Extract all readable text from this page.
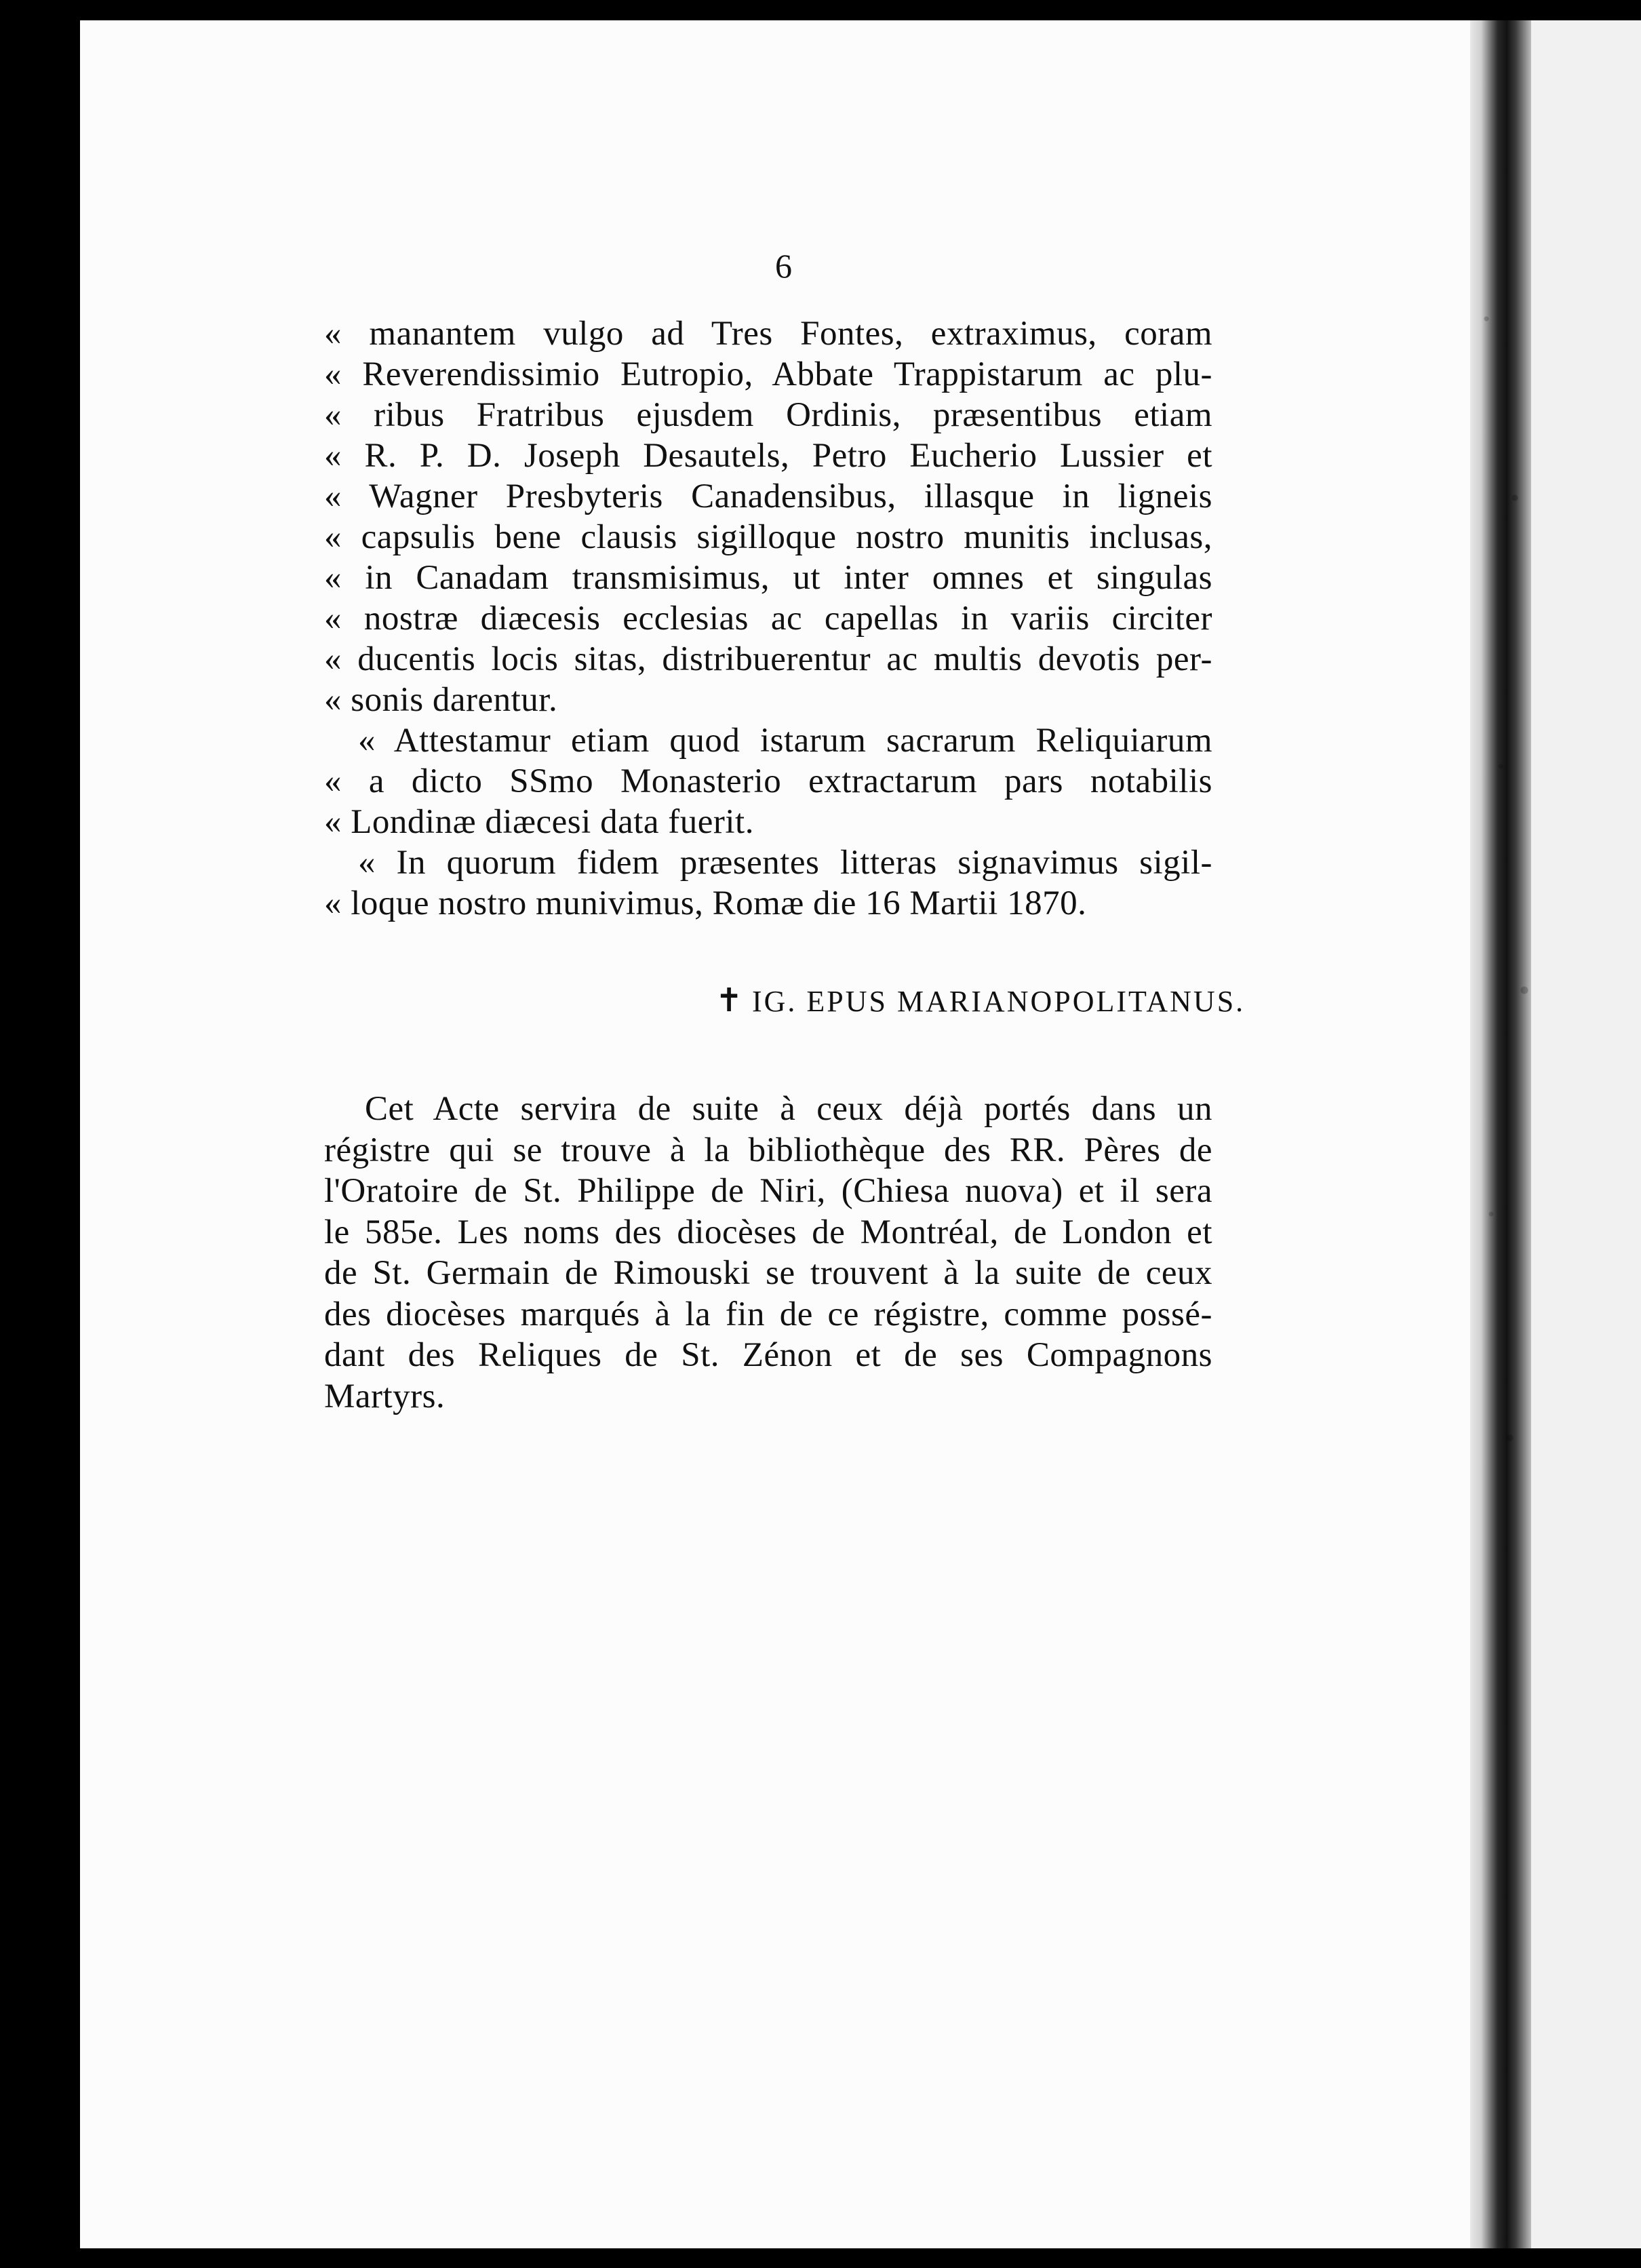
6
« manantem vulgo ad Tres Fontes, extraximus, coram
« Reverendissimio Eutropio, Abbate Trappistarum ac plu-
« ribus Fratribus ejusdem Ordinis, præsentibus etiam
« R. P. D. Joseph Desautels, Petro Eucherio Lussier et
« Wagner Presbyteris Canadensibus, illasque in ligneis
« capsulis bene clausis sigilloque nostro munitis inclusas,
« in Canadam transmisimus, ut inter omnes et singulas
« nostræ diæcesis ecclesias ac capellas in variis circiter
« ducentis locis sitas, distribuerentur ac multis devotis per-
« sonis darentur.
« Attestamur etiam quod istarum sacrarum Reliquiarum
« a dicto SSmo Monasterio extractarum pars notabilis
« Londinæ diæcesi data fuerit.
« In quorum fidem præsentes litteras signavimus sigil-
« loque nostro munivimus, Romæ die 16 Martii 1870.
✝ IG. EPUS MARIANOPOLITANUS.
Cet Acte servira de suite à ceux déjà portés dans un
régistre qui se trouve à la bibliothèque des RR. Pères de
l'Oratoire de St. Philippe de Niri, (Chiesa nuova) et il sera
le 585e. Les noms des diocèses de Montréal, de London et
de St. Germain de Rimouski se trouvent à la suite de ceux
des diocèses marqués à la fin de ce régistre, comme possé-
dant des Reliques de St. Zénon et de ses Compagnons
Martyrs.
